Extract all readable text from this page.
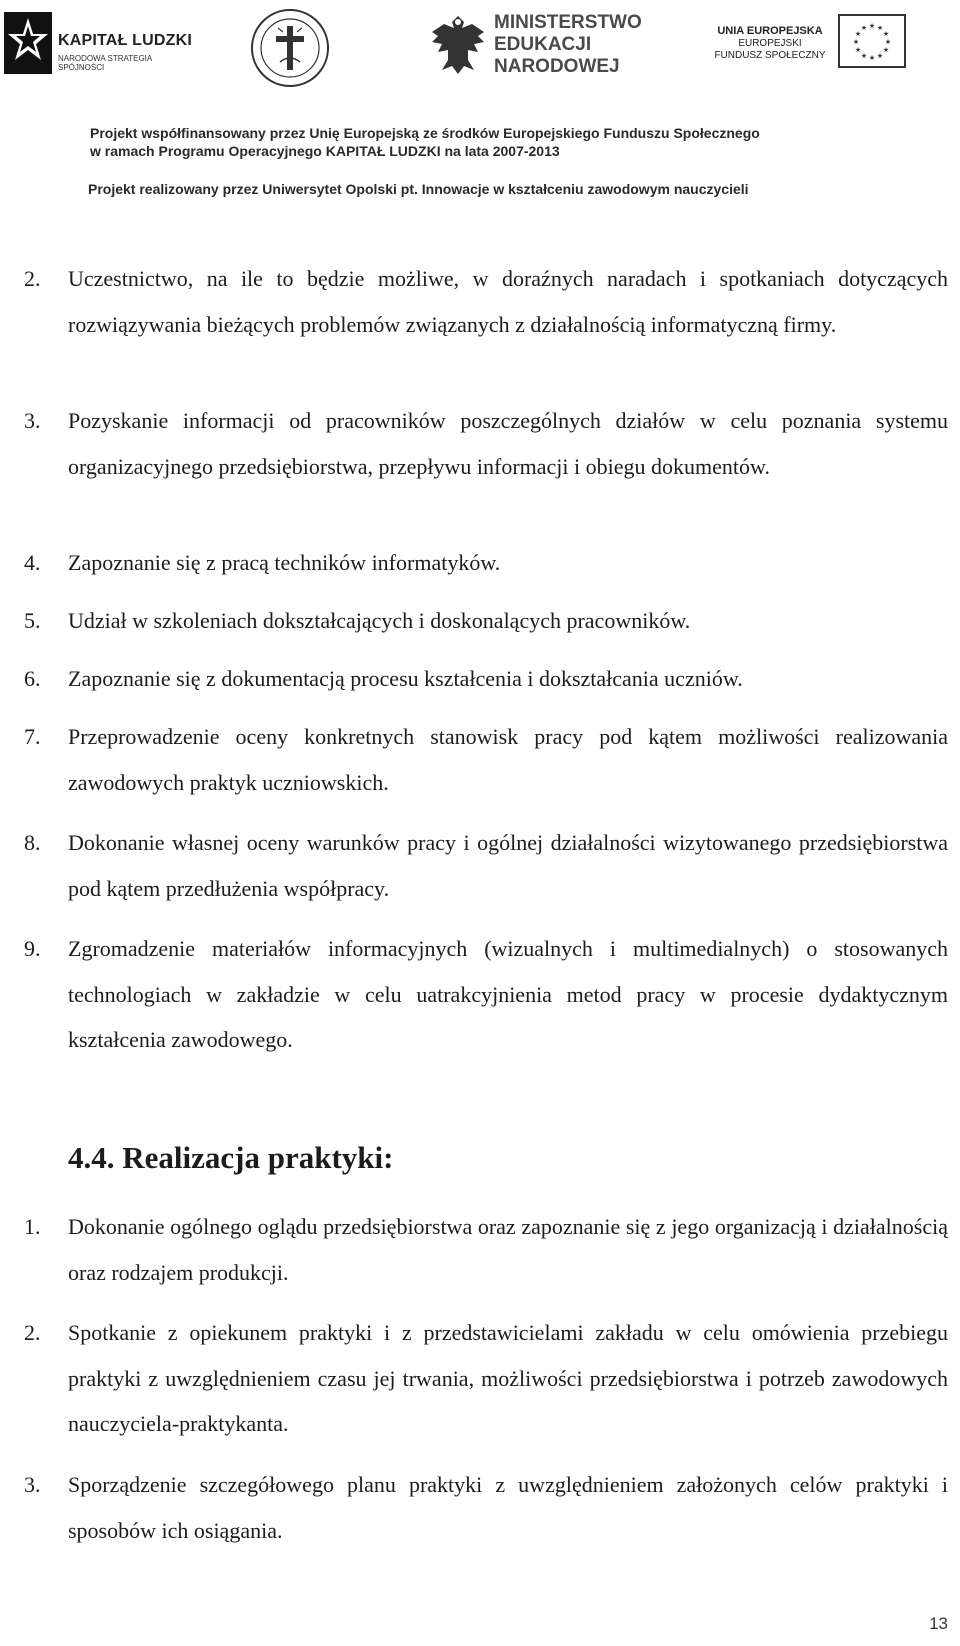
KAPITAŁ LUDZKI
NARODOWA STRATEGIA SPÓJNOŚCI
MINISTERSTWO
EDUKACJI
NARODOWEJ
UNIA EUROPEJSKA
EUROPEJSKI
FUNDUSZ SPOŁECZNY
★ ★
★
★
★
★
★
★
★
★
★
★
Projekt współfinansowany przez Unię Europejską ze środków Europejskiego Funduszu Społecznego
w ramach Programu Operacyjnego KAPITAŁ LUDZKI na lata 2007-2013
Projekt realizowany przez Uniwersytet Opolski pt. Innowacje w kształceniu zawodowym nauczycieli
2. Uczestnictwo, na ile to będzie możliwe, w doraźnych naradach i spotkaniach dotyczących rozwiązywania bieżących problemów związanych z działalnością informatyczną firmy.
3. Pozyskanie informacji od pracowników poszczególnych działów w celu poznania systemu organizacyjnego przedsiębiorstwa, przepływu informacji i obiegu dokumentów.
4. Zapoznanie się z pracą techników informatyków.
5. Udział w szkoleniach dokształcających i doskonalących pracowników.
6. Zapoznanie się z dokumentacją procesu kształcenia i dokształcania uczniów.
7. Przeprowadzenie oceny konkretnych stanowisk pracy pod kątem możliwości realizowania zawodowych praktyk uczniowskich.
8. Dokonanie własnej oceny warunków pracy i ogólnej działalności wizytowanego przedsiębiorstwa pod kątem przedłużenia współpracy.
9. Zgromadzenie materiałów informacyjnych (wizualnych i multimedialnych) o stosowanych technologiach w zakładzie w celu uatrakcyjnienia metod pracy w procesie dydaktycznym kształcenia zawodowego.
4.4. Realizacja praktyki:
1. Dokonanie ogólnego oglądu przedsiębiorstwa oraz zapoznanie się z jego organizacją i działalnością oraz rodzajem produkcji.
2. Spotkanie z opiekunem praktyki i z przedstawicielami zakładu w celu omówienia przebiegu praktyki z uwzględnieniem czasu jej trwania, możliwości przedsiębiorstwa i potrzeb zawodowych nauczyciela-praktykanta.
3. Sporządzenie szczegółowego planu praktyki z uwzględnieniem założonych celów praktyki i sposobów ich osiągania.
13
